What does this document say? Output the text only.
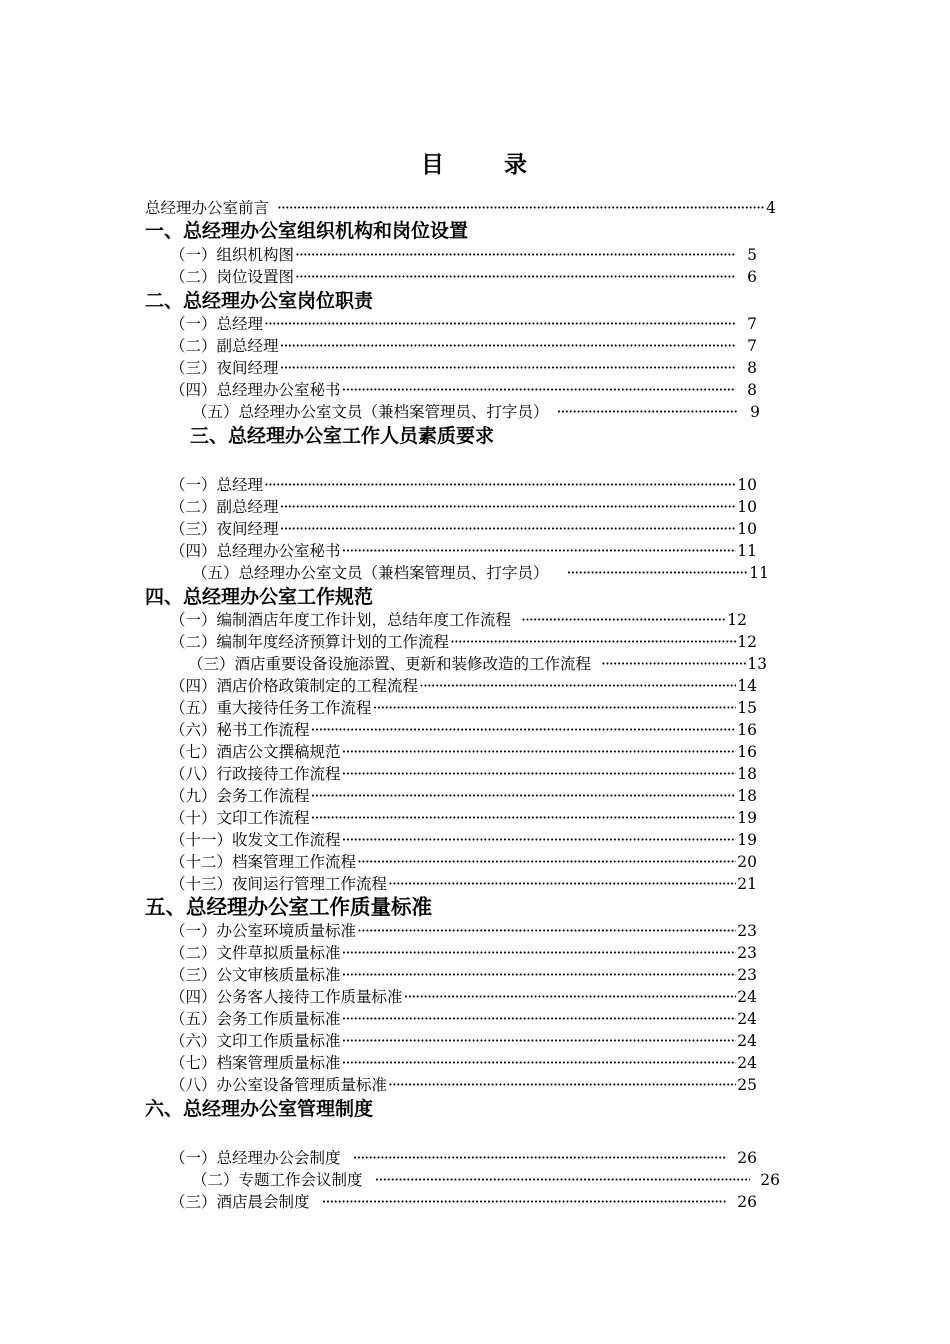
目	录
总经理办公室前言 ·····	4
一、总经理办公室组织机构和岗位设置
（一）组织机构图 ·····	5
（二）岗位设置图 ·····	6
二、总经理办公室岗位职责
（一）总经理 ·····	7
（二）副总经理 ·····	7
（三）夜间经理 ·····	8
（四）总经理办公室秘书 ·····	8
（五）总经理办公室文员（兼档案管理员、打字员） ·····	9
三、总经理办公室工作人员素质要求
（一）总经理 ·····	10
（二）副总经理 ·····	10
（三）夜间经理 ·····	10
（四）总经理办公室秘书 ·····	11
（五）总经理办公室文员（兼档案管理员、打字员） ·····	11
四、总经理办公室工作规范
（一）编制酒店年度工作计划，总结年度工作流程 ·····	12
（二）编制年度经济预算计划的工作流程 ·····	12
（三）酒店重要设备设施添置、更新和装修改造的工作流程 ·····	13
（四）酒店价格政策制定的工程流程 ·····	14
（五）重大接待任务工作流程 ·····	15
（六）秘书工作流程 ·····	16
（七）酒店公文撰稿规范 ·····	16
（八）行政接待工作流程 ·····	18
（九）会务工作流程 ·····	18
（十）文印工作流程 ·····	19
（十一）收发文工作流程 ·····	19
（十二）档案管理工作流程 ·····	20
（十三）夜间运行管理工作流程 ·····	21
五、总经理办公室工作质量标准
（一）办公室环境质量标准 ·····	23
（二）文件草拟质量标准 ·····	23
（三）公文审核质量标准 ·····	23
（四）公务客人接待工作质量标准 ·····	24
（五）会务工作质量标准 ·····	24
（六）文印工作质量标准 ·····	24
（七）档案管理质量标准 ·····	24
（八）办公室设备管理质量标准 ·····	25
六、总经理办公室管理制度
（一）总经理办公会制度 ·····	26
（二）专题工作会议制度 ·····	26
（三）酒店晨会制度 ·····	26
